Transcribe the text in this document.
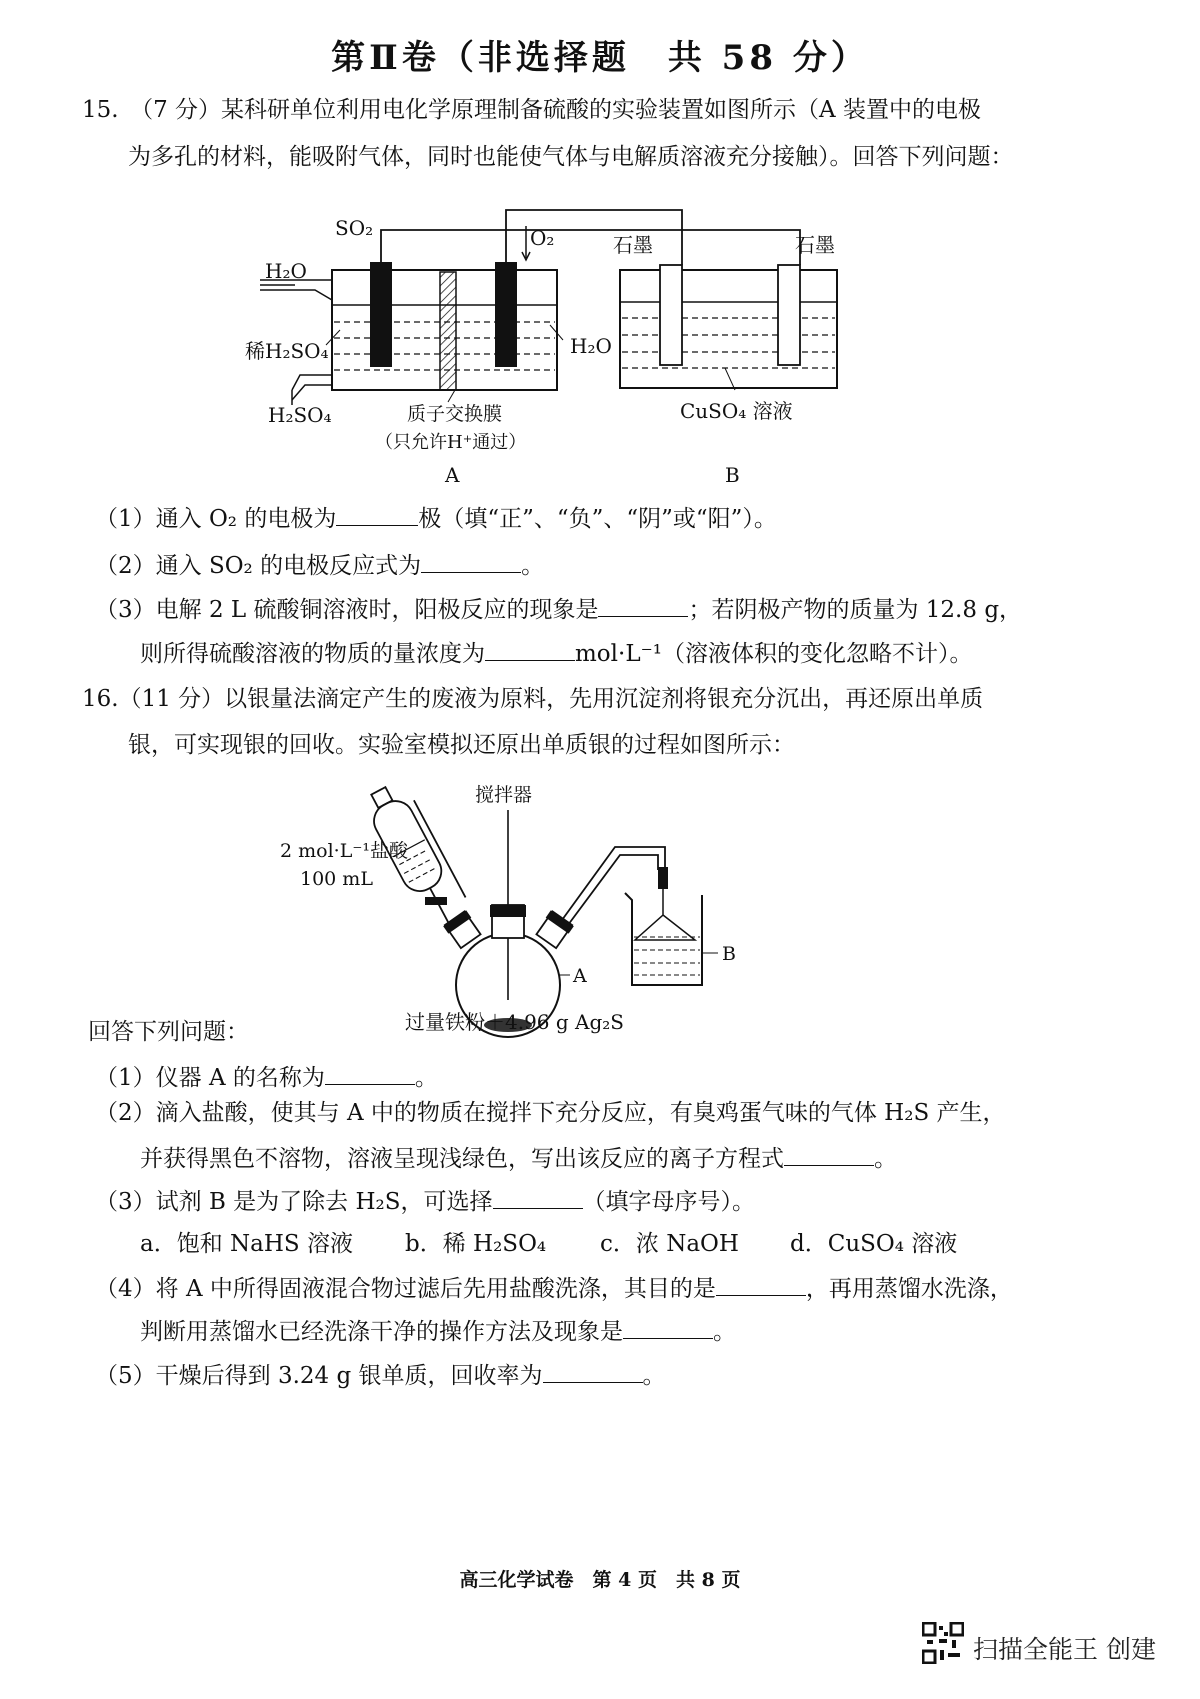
第Ⅱ卷（非选择题　共 58 分）
15.　（7 分）某科研单位利用电化学原理制备硫酸的实验装置如图所示（A 装置中的电极
为多孔的材料，能吸附气体，同时也能使气体与电解质溶液充分接触）。回答下列问题：
SO₂	O₂
H₂O
稀H₂SO₄
H₂SO₄
H₂O
质子交换膜
（只允许H⁺通过）
A
石墨	石墨
CuSO₄ 溶液
B
（1）通入 O₂ 的电极为	极（填“正”、“负”、“阴”或“阳”）。
（2）通入 SO₂ 的电极反应式为	。
（3）电解 2 L 硫酸铜溶液时，阳极反应的现象是	；若阴极产物的质量为 12.8 g，
则所得硫酸溶液的物质的量浓度为	mol·L⁻¹（溶液体积的变化忽略不计）。
16.（11 分）以银量法滴定产生的废液为原料，先用沉淀剂将银充分沉出，再还原出单质
银，可实现银的回收。实验室模拟还原出单质银的过程如图所示：
搅拌器
2 mol·L⁻¹盐酸
100 mL
A
B
回答下列问题：	过量铁粉＋4.96 g Ag₂S
（1）仪器 A 的名称为	。
（2）滴入盐酸，使其与 A 中的物质在搅拌下充分反应，有臭鸡蛋气味的气体 H₂S 产生，
并获得黑色不溶物，溶液呈现浅绿色，写出该反应的离子方程式	。
（3）试剂 B 是为了除去 H₂S，可选择	（填字母序号）。
a．饱和 NaHS 溶液 b．稀 H₂SO₄ c．浓 NaOH d．CuSO₄ 溶液
（4）将 A 中所得固液混合物过滤后先用盐酸洗涤，其目的是	，再用蒸馏水洗涤，
判断用蒸馏水已经洗涤干净的操作方法及现象是	。
（5）干燥后得到 3.24 g 银单质，回收率为	。
高三化学试卷　第 4 页　共 8 页
扫描全能王 创建
